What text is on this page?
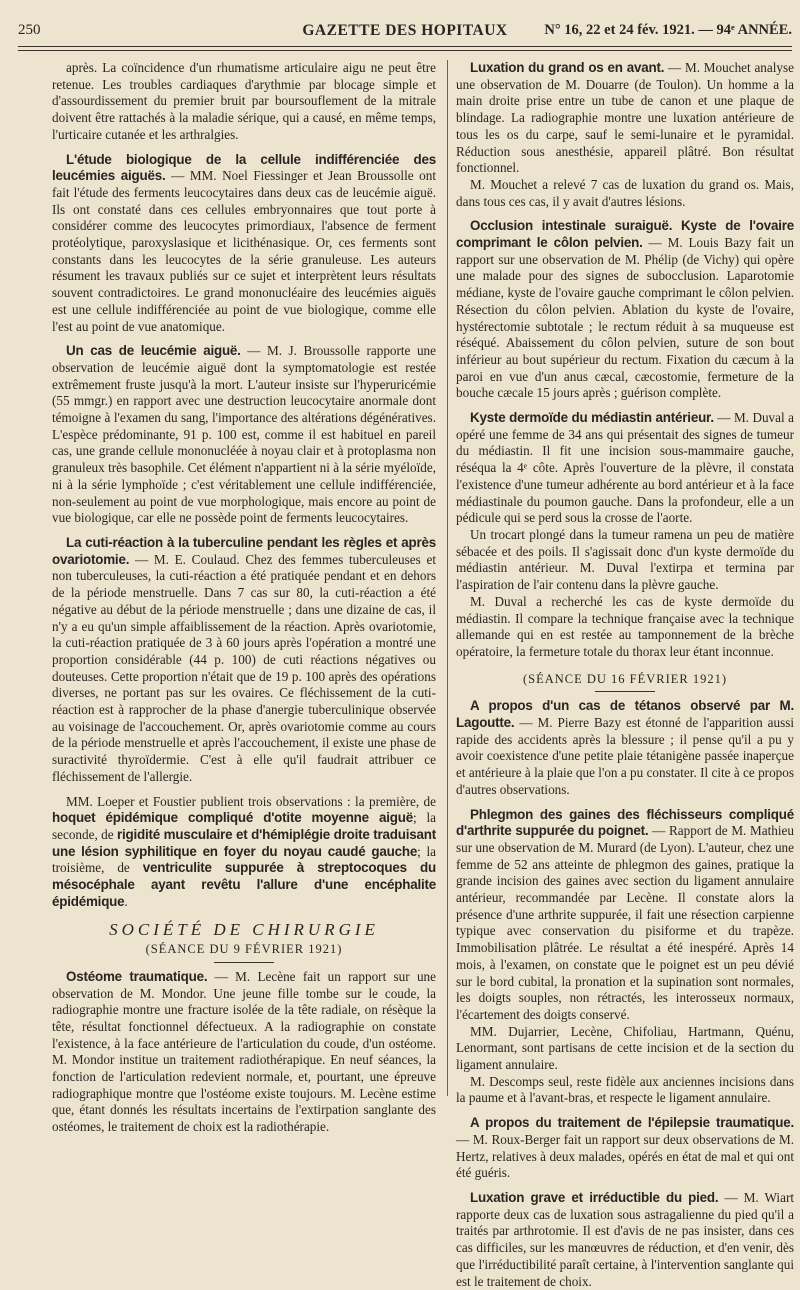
250	GAZETTE DES HOPITAUX	N° 16, 22 et 24 fév. 1921. — 94ᵉ ANNÉE.

après. La coïncidence d'un rhumatisme articulaire aigu ne peut être retenue. Les troubles cardiaques d'arythmie par blocage simple et d'assourdissement du premier bruit par boursouflement de la mitrale doivent être rattachés à la maladie sérique, qui a causé, en même temps, l'urticaire cutanée et les arthralgies.

L'étude biologique de la cellule indifférenciée des leucémies aiguës. — MM. Noel Fiessinger et Jean Broussolle ont fait l'étude des ferments leucocytaires dans deux cas de leucémie aiguë. Ils ont constaté dans ces cellules embryonnaires que tout porte à considérer comme des leucocytes primordiaux, l'absence de ferment protéolytique, paroxyslasique et licithénasique. Or, ces ferments sont constants dans les leucocytes de la série granuleuse. Les auteurs résument les travaux publiés sur ce sujet et interprètent leurs résultats souvent contradictoires. Le grand mononucléaire des leucémies aiguës est une cellule indifférenciée au point de vue biologique, comme elle l'est au point de vue anatomique.

Un cas de leucémie aiguë. — M. J. Broussolle rapporte une observation de leucémie aiguë dont la symptomatologie est restée extrêmement fruste jusqu'à la mort. L'auteur insiste sur l'hyperuricémie (55 mmgr.) en rapport avec une destruction leucocytaire anormale dont témoigne à l'examen du sang, l'importance des altérations dégénératives. L'espèce prédominante, 91 p. 100 est, comme il est habituel en pareil cas, une grande cellule mononucléée à noyau clair et à protoplasma non granuleux très basophile. Cet élément n'appartient ni à la série myéloïde, ni à la série lymphoïde ; c'est véritablement une cellule indifférenciée, non-seulement au point de vue morphologique, mais encore au point de vue biologique, car elle ne possède point de ferments leucocytaires.

La cuti-réaction à la tuberculine pendant les règles et après ovariotomie. — M. E. Coulaud. Chez des femmes tuberculeuses et non tuberculeuses, la cuti-réaction a été pratiquée pendant et en dehors de la période menstruelle. Dans 7 cas sur 80, la cuti-réaction a été négative au début de la période menstruelle ; dans une dizaine de cas, il n'y a eu qu'un simple affaiblissement de la réaction. Après ovariotomie, la cuti-réaction pratiquée de 3 à 60 jours après l'opération a montré une proportion considérable (44 p. 100) de cuti réactions négatives ou douteuses. Cette proportion n'était que de 19 p. 100 après des opérations diverses, ne portant pas sur les ovaires. Ce fléchissement de la cuti-réaction est à rapprocher de la phase d'anergie tuberculinique observée au voisinage de l'accouchement. Or, après ovariotomie comme au cours de la période menstruelle et après l'accouchement, il existe une phase de suractivité thyroïdermie. C'est à elle qu'il faudrait attribuer ce fléchissement de l'allergie.

MM. Loeper et Foustier publient trois observations : la première, de hoquet épidémique compliqué d'otite moyenne aiguë; la seconde, de rigidité musculaire et d'hémiplégie droite traduisant une lésion syphilitique en foyer du noyau caudé gauche; la troisième, de ventriculite suppurée à streptocoques du mésocéphale ayant revêtu l'allure d'une encéphalite épidémique.

SOCIÉTÉ DE CHIRURGIE

(SÉANCE DU 9 FÉVRIER 1921)

Ostéome traumatique. — M. Lecène fait un rapport sur une observation de M. Mondor. Une jeune fille tombe sur le coude, la radiographie montre une fracture isolée de la tête radiale, on résèque la tête, résultat fonctionnel défectueux. A la radiographie on constate l'existence, à la face antérieure de l'articulation du coude, d'un ostéome. M. Mondor institue un traitement radiothérapique. En neuf séances, la fonction de l'articulation redevient normale, et, pourtant, une épreuve radiographique montre que l'ostéome existe toujours. M. Lecène estime que, étant donnés les résultats incertains de l'extirpation sanglante des ostéomes, le traitement de choix est la radiothérapie.

Luxation du grand os en avant. — M. Mouchet analyse une observation de M. Douarre (de Toulon). Un homme a la main droite prise entre un tube de canon et une plaque de blindage. La radiographie montre une luxation antérieure de tous les os du carpe, sauf le semi-lunaire et le pyramidal. Réduction sous anesthésie, appareil plâtré. Bon résultat fonctionnel.

M. Mouchet a relevé 7 cas de luxation du grand os. Mais, dans tous ces cas, il y avait d'autres lésions.

Occlusion intestinale suraiguë. Kyste de l'ovaire comprimant le côlon pelvien. — M. Louis Bazy fait un rapport sur une observation de M. Phélip (de Vichy) qui opère une malade pour des signes de subocclusion. Laparotomie médiane, kyste de l'ovaire gauche comprimant le côlon pelvien. Résection du côlon pelvien. Ablation du kyste de l'ovaire, hystérectomie subtotale ; le rectum réduit à sa muqueuse est réséqué. Abaissement du côlon pelvien, suture de son bout inférieur au bout supérieur du rectum. Fixation du cæcum à la paroi en vue d'un anus cæcal, cæcostomie, fermeture de la bouche cæcale 15 jours après ; guérison complète.

Kyste dermoïde du médiastin antérieur. — M. Duval a opéré une femme de 34 ans qui présentait des signes de tumeur du médiastin. Il fit une incision sous-mammaire gauche, réséqua la 4ᵉ côte. Après l'ouverture de la plèvre, il constata l'existence d'une tumeur adhérente au bord antérieur et à la face médiastinale du poumon gauche. Dans la profondeur, elle a un pédicule qui se perd sous la crosse de l'aorte.

Un trocart plongé dans la tumeur ramena un peu de matière sébacée et des poils. Il s'agissait donc d'un kyste dermoïde du médiastin antérieur. M. Duval l'extirpa et termina par l'aspiration de l'air contenu dans la plèvre gauche.

M. Duval a recherché les cas de kyste dermoïde du médiastin. Il compare la technique française avec la technique allemande qui en est restée au tamponnement de la brèche opératoire, la fermeture totale du thorax leur étant inconnue.

(SÉANCE DU 16 FÉVRIER 1921)

A propos d'un cas de tétanos observé par M. Lagoutte. — M. Pierre Bazy est étonné de l'apparition aussi rapide des accidents après la blessure ; il pense qu'il a pu y avoir coexistence d'une petite plaie tétanigène passée inaperçue et antérieure à la plaie que l'on a pu constater. Il cite à ce propos d'autres observations.

Phlegmon des gaines des fléchisseurs compliqué d'arthrite suppurée du poignet. — Rapport de M. Mathieu sur une observation de M. Murard (de Lyon). L'auteur, chez une femme de 52 ans atteinte de phlegmon des gaines, pratique la grande incision des gaines avec section du ligament annulaire antérieur, recommandée par Lecène. Il constate alors la présence d'une arthrite suppurée, il fait une résection carpienne typique avec conservation du pisiforme et du trapèze. Immobilisation plâtrée. Le résultat a été inespéré. Après 14 mois, à l'examen, on constate que le poignet est un peu dévié sur le bord cubital, la pronation et la supination sont normales, les doigts souples, non rétractés, les interosseux normaux, l'écartement des doigts conservé.

MM. Dujarrier, Lecène, Chifoliau, Hartmann, Quénu, Lenormant, sont partisans de cette incision et de la section du ligament annulaire.

M. Descomps seul, reste fidèle aux anciennes incisions dans la paume et à l'avant-bras, et respecte le ligament annulaire.

A propos du traitement de l'épilepsie traumatique. — M. Roux-Berger fait un rapport sur deux observations de M. Hertz, relatives à deux malades, opérés en état de mal et qui ont été guéris.

Luxation grave et irréductible du pied. — M. Wiart rapporte deux cas de luxation sous astragalienne du pied qu'il a traités par arthrotomie. Il est d'avis de ne pas insister, dans ces cas difficiles, sur les manœuvres de réduction, et d'en venir, dès que l'irréductibilité paraît certaine, à l'intervention sanglante qui est le traitement de choix.
